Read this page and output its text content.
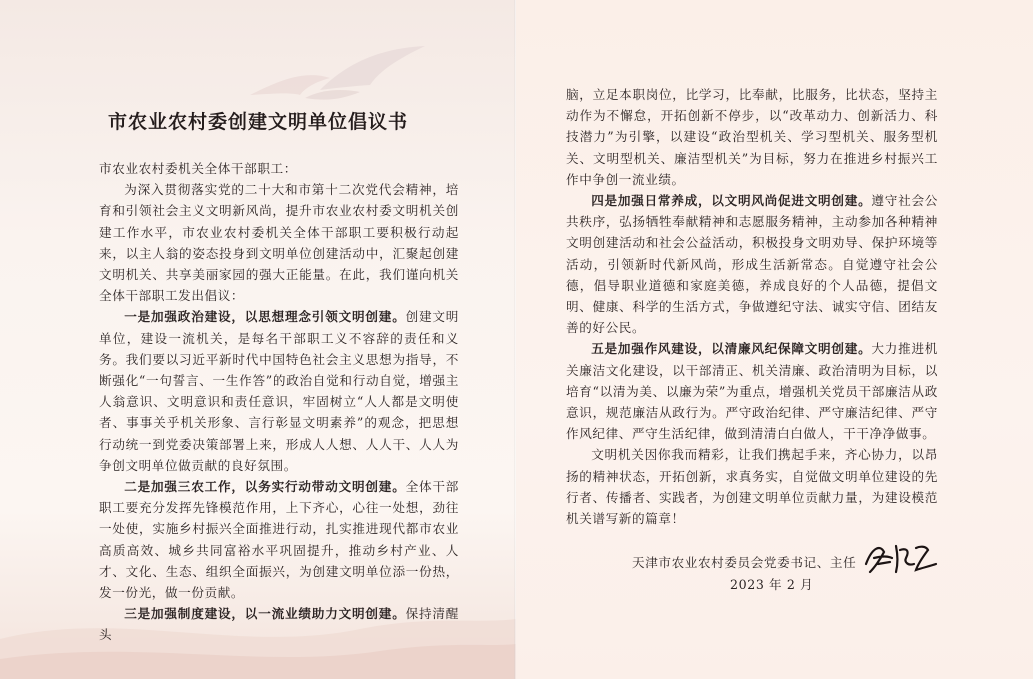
市农业农村委创建文明单位倡议书

市农业农村委机关全体干部职工：

为深入贯彻落实党的二十大和市第十二次党代会精神，培育和引领社会主义文明新风尚，提升市农业农村委文明机关创建工作水平，市农业农村委机关全体干部职工要积极行动起来，以主人翁的姿态投身到文明单位创建活动中，汇聚起创建文明机关、共享美丽家园的强大正能量。在此，我们谨向机关全体干部职工发出倡议：

一是加强政治建设，以思想理念引领文明创建。创建文明单位，建设一流机关，是每名干部职工义不容辞的责任和义务。我们要以习近平新时代中国特色社会主义思想为指导，不断强化“一句誓言、一生作答”的政治自觉和行动自觉，增强主人翁意识、文明意识和责任意识，牢固树立“人人都是文明使者、事事关乎机关形象、言行彰显文明素养”的观念，把思想行动统一到党委决策部署上来，形成人人想、人人干、人人为争创文明单位做贡献的良好氛围。

二是加强三农工作，以务实行动带动文明创建。全体干部职工要充分发挥先锋模范作用，上下齐心，心往一处想，劲往一处使，实施乡村振兴全面推进行动，扎实推进现代都市农业高质高效、城乡共同富裕水平巩固提升，推动乡村产业、人才、文化、生态、组织全面振兴，为创建文明单位添一份热，发一份光，做一份贡献。

三是加强制度建设，以一流业绩助力文明创建。保持清醒头

脑，立足本职岗位，比学习，比奉献，比服务，比状态，坚持主动作为不懈怠，开拓创新不停步，以“改革动力、创新活力、科技潜力”为引擎，以建设“政治型机关、学习型机关、服务型机关、文明型机关、廉洁型机关”为目标，努力在推进乡村振兴工作中争创一流业绩。

四是加强日常养成，以文明风尚促进文明创建。遵守社会公共秩序，弘扬牺牲奉献精神和志愿服务精神，主动参加各种精神文明创建活动和社会公益活动，积极投身文明劝导、保护环境等活动，引领新时代新风尚，形成生活新常态。自觉遵守社会公德，倡导职业道德和家庭美德，养成良好的个人品德，提倡文明、健康、科学的生活方式，争做遵纪守法、诚实守信、团结友善的好公民。

五是加强作风建设，以清廉风纪保障文明创建。大力推进机关廉洁文化建设，以干部清正、机关清廉、政治清明为目标，以培育“以清为美、以廉为荣”为重点，增强机关党员干部廉洁从政意识，规范廉洁从政行为。严守政治纪律、严守廉洁纪律、严守作风纪律、严守生活纪律，做到清清白白做人，干干净净做事。

文明机关因你我而精彩，让我们携起手来，齐心协力，以昂扬的精神状态，开拓创新，求真务实，自觉做文明单位建设的先行者、传播者、实践者，为创建文明单位贡献力量，为建设模范机关谱写新的篇章！

天津市农业农村委员会党委书记、主任
2023 年 2 月
